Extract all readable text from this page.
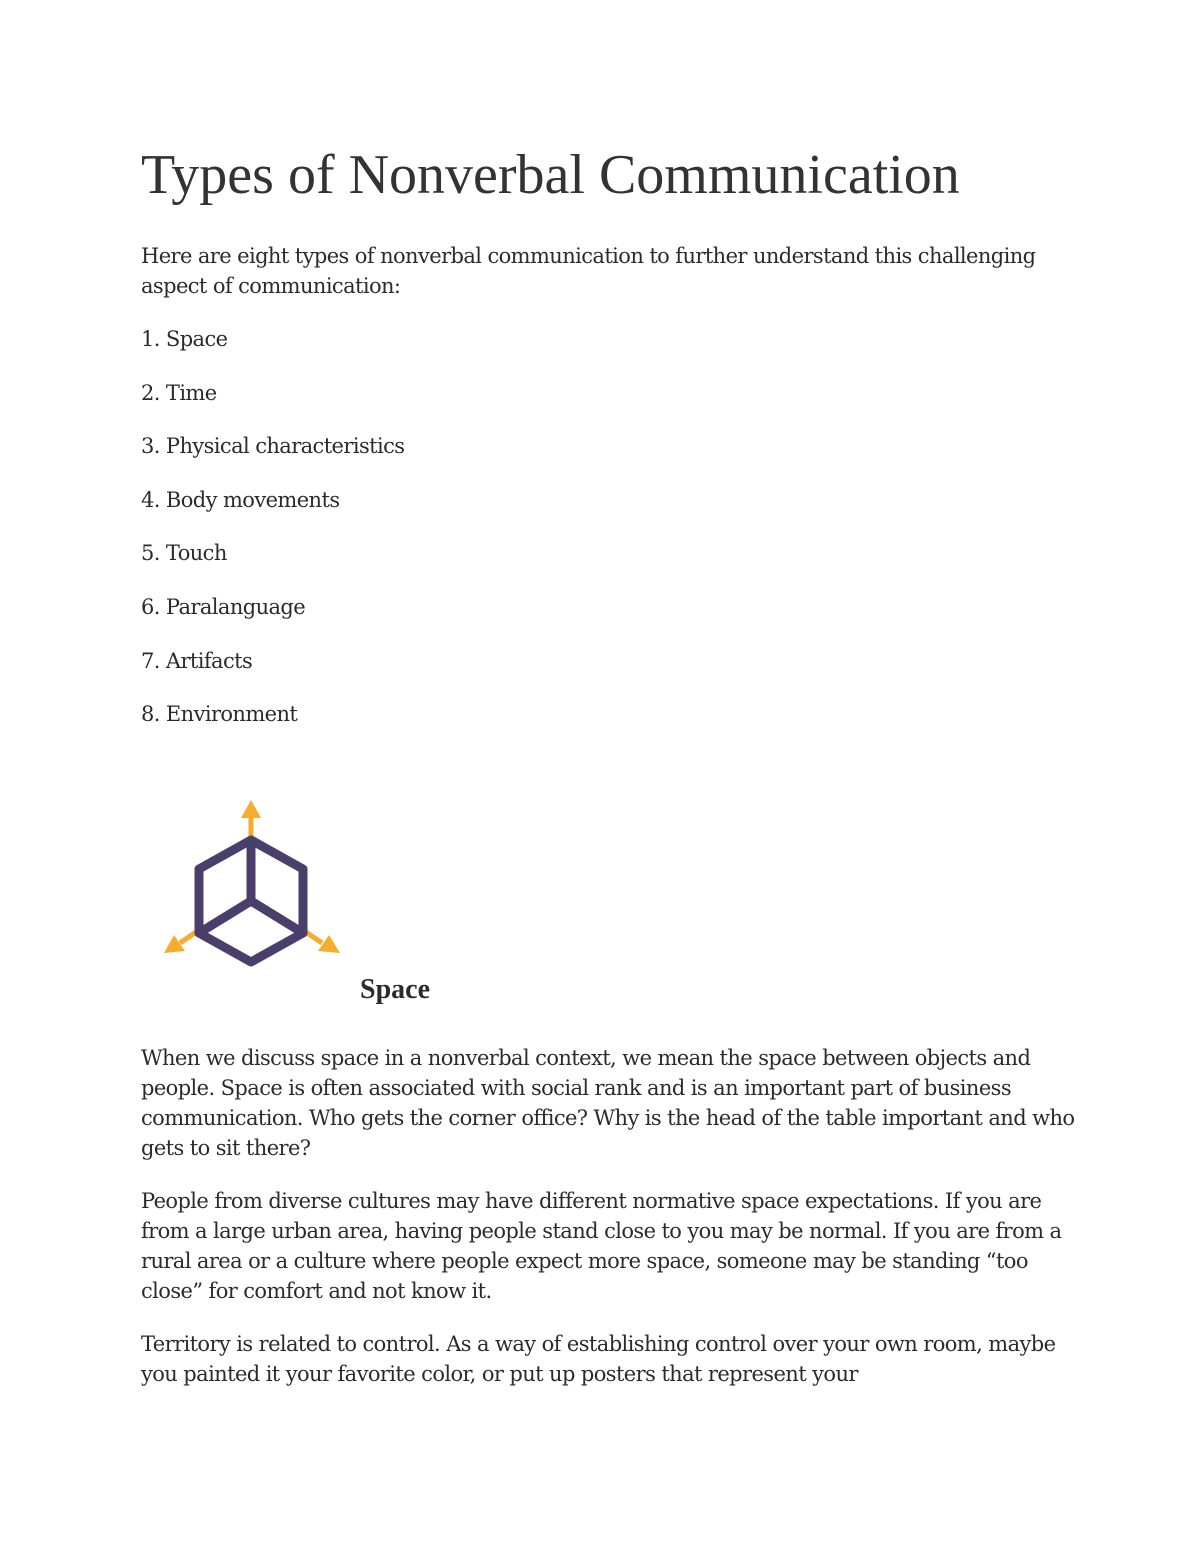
Types of Nonverbal Communication

Here are eight types of nonverbal communication to further understand this challenging aspect of communication:

1. Space
2. Time
3. Physical characteristics
4. Body movements
5. Touch
6. Paralanguage
7. Artifacts
8. Environment
Space

When we discuss space in a nonverbal context, we mean the space between objects and people. Space is often associated with social rank and is an important part of business communication. Who gets the corner office? Why is the head of the table important and who gets to sit there?

People from diverse cultures may have different normative space expectations. If you are from a large urban area, having people stand close to you may be normal. If you are from a rural area or a culture where people expect more space, someone may be standing “too close” for comfort and not know it.

Territory is related to control. As a way of establishing control over your own room, maybe you painted it your favorite color, or put up posters that represent your
